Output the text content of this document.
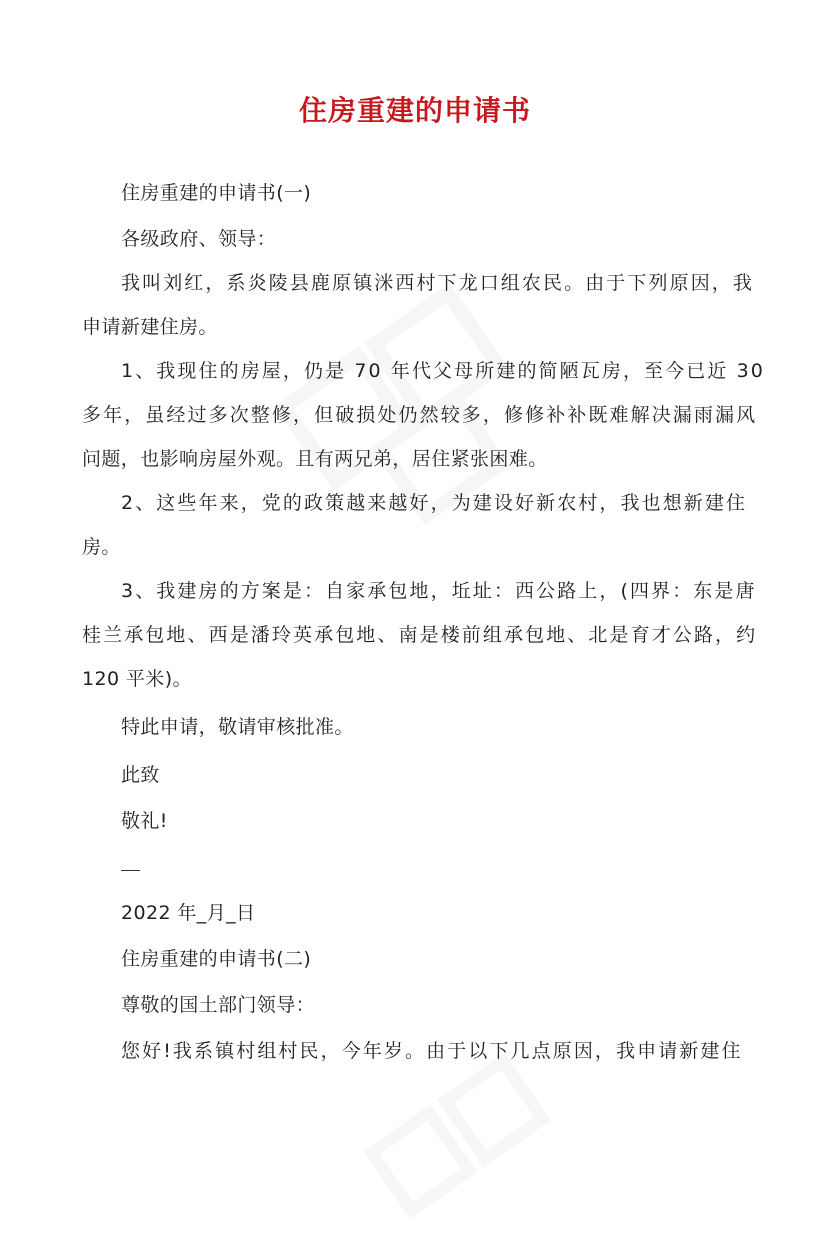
住房重建的申请书
住房重建的申请书(一)
各级政府、领导：
我叫刘红，系炎陵县鹿原镇洣西村下龙口组农民。由于下列原因，我
申请新建住房。
1、我现住的房屋，仍是 70 年代父母所建的简陋瓦房，至今已近 30
多年，虽经过多次整修，但破损处仍然较多，修修补补既难解决漏雨漏风
问题，也影响房屋外观。且有两兄弟，居住紧张困难。
2、这些年来，党的政策越来越好，为建设好新农村，我也想新建住
房。
3、我建房的方案是：自家承包地，坵址：西公路上，(四界：东是唐
桂兰承包地、西是潘玲英承包地、南是楼前组承包地、北是育才公路，约
120 平米)。
特此申请，敬请审核批准。
此致
敬礼!
2022 年_月_日
住房重建的申请书(二)
尊敬的国土部门领导：
您好!我系镇村组村民，今年岁。由于以下几点原因，我申请新建住
